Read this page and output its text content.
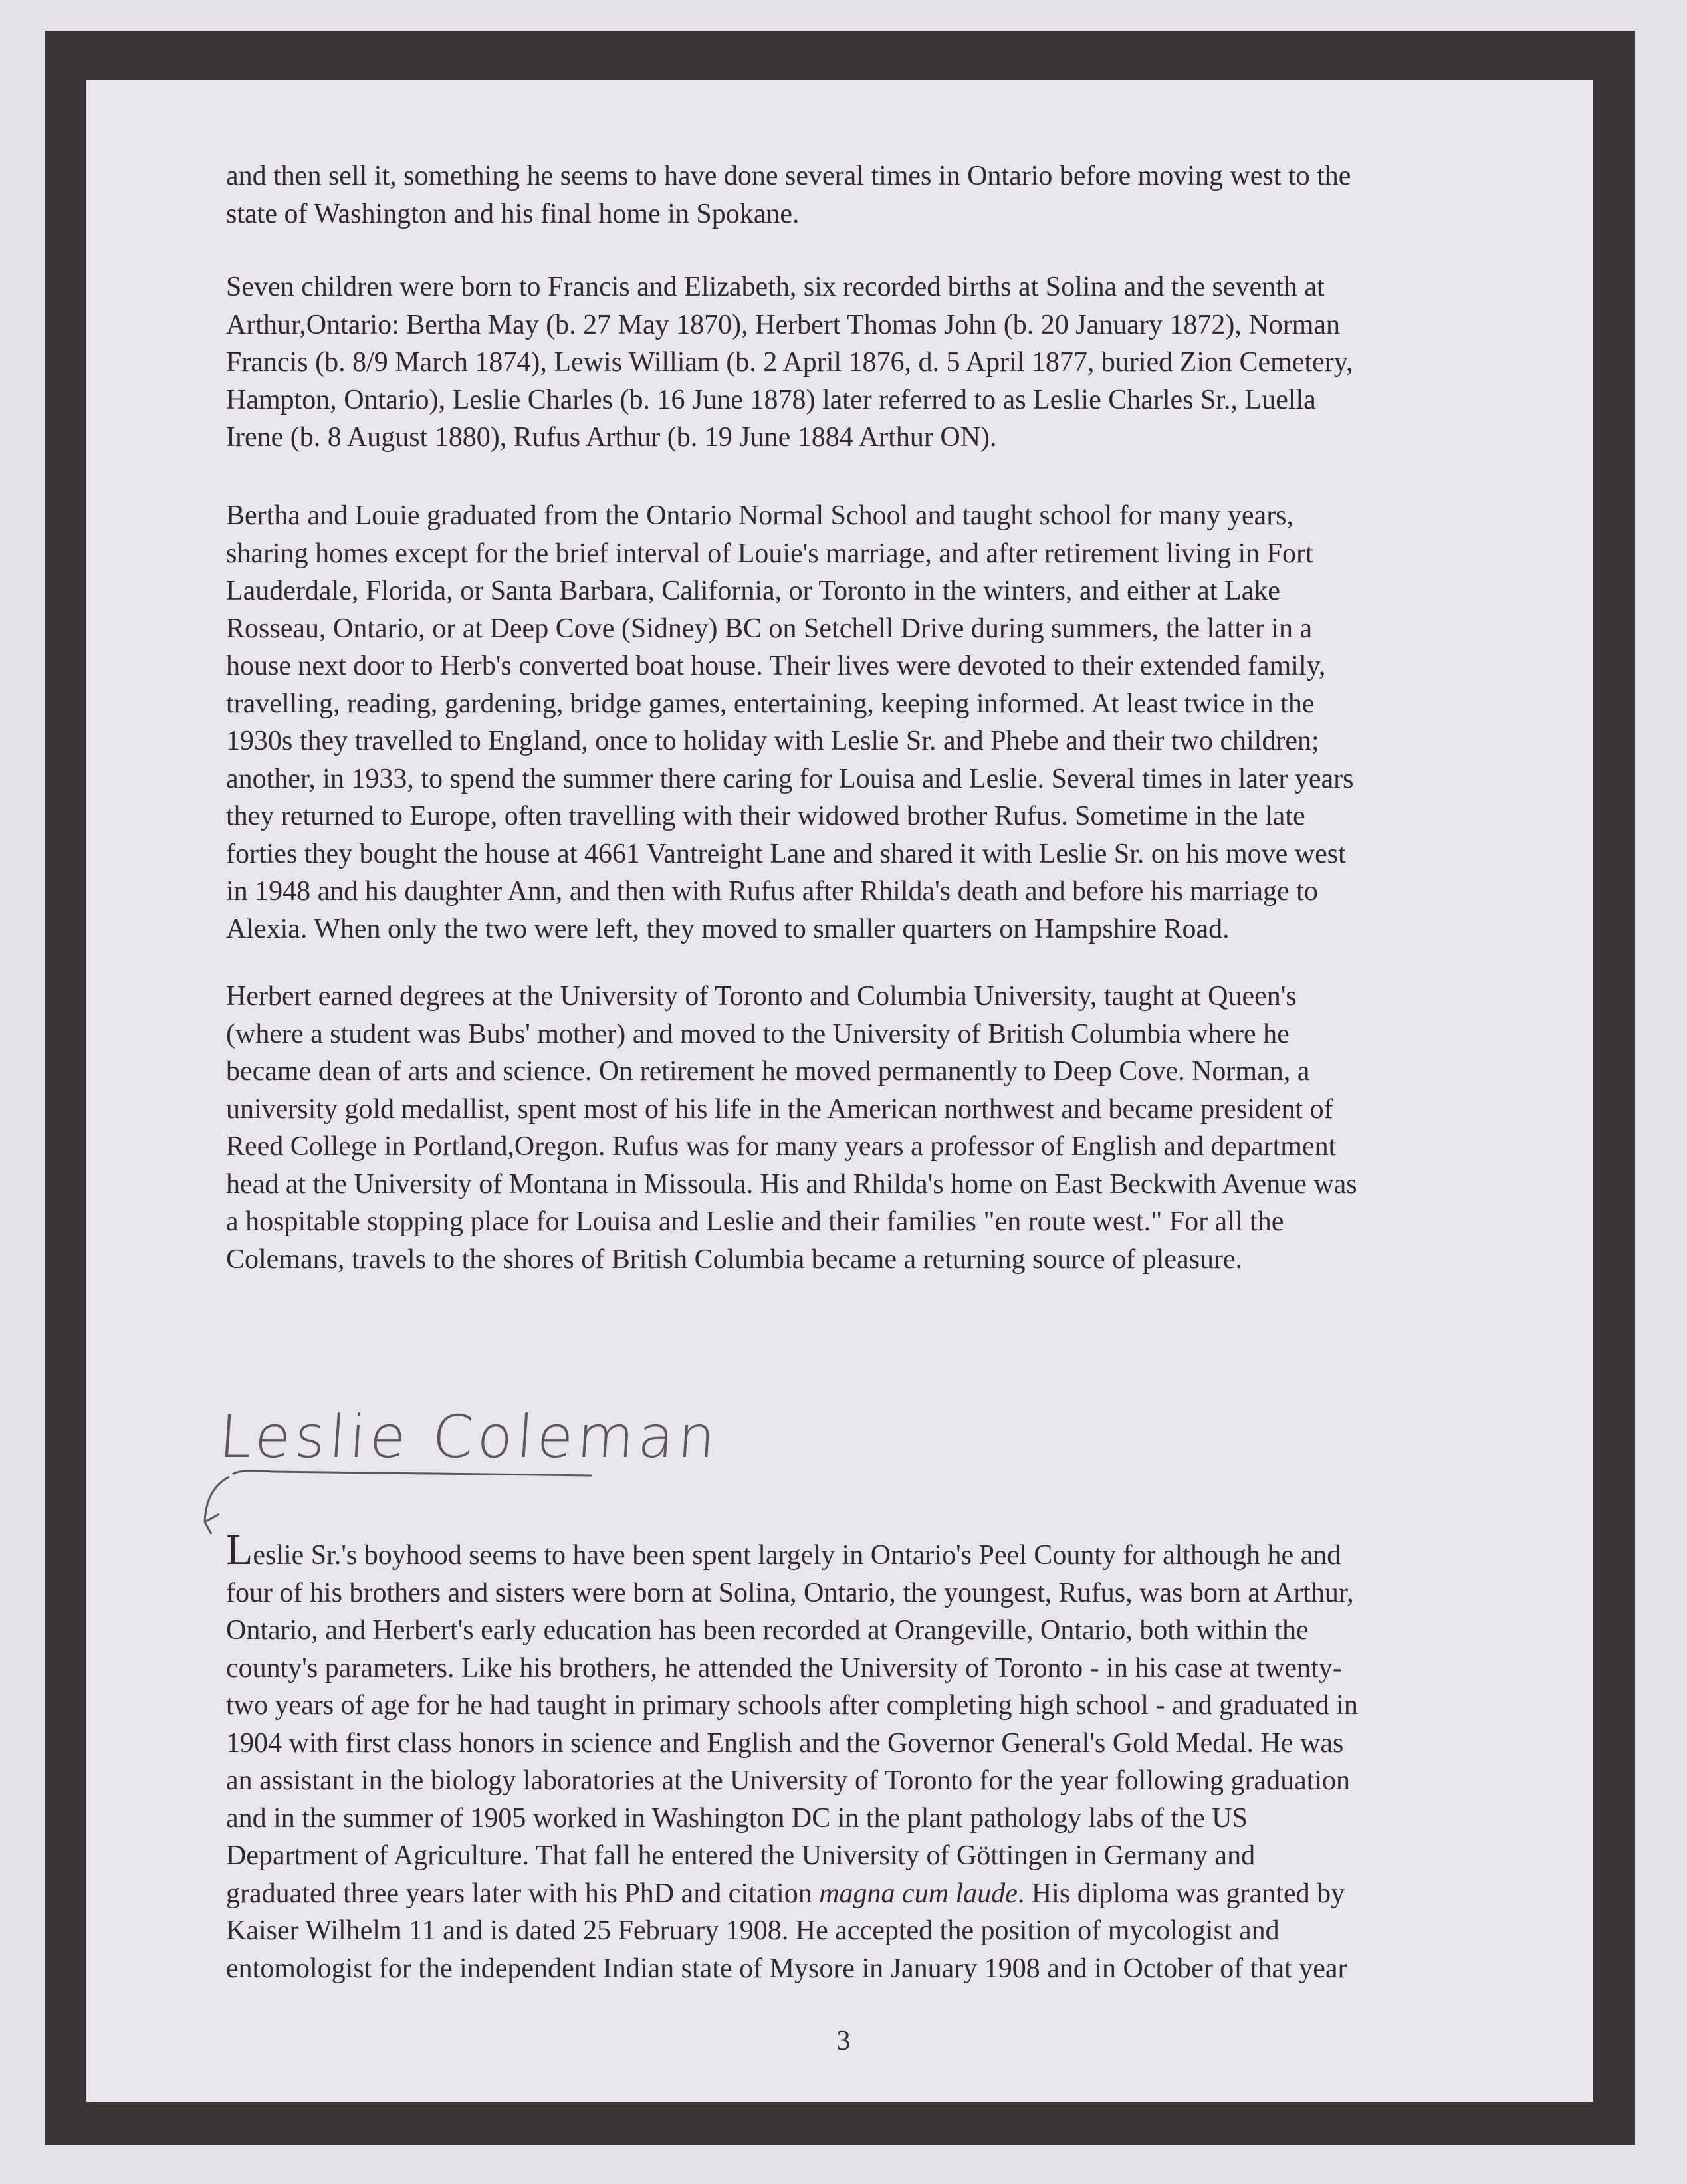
and then sell it, something he seems to have done several times in Ontario before moving west to the
state of Washington and his final home in Spokane.
Seven children were born to Francis and Elizabeth, six recorded births at Solina and the seventh at
Arthur,Ontario: Bertha May (b. 27 May 1870), Herbert Thomas John (b. 20 January 1872), Norman
Francis (b. 8/9 March 1874), Lewis William (b. 2 April 1876, d. 5 April 1877, buried Zion Cemetery,
Hampton, Ontario), Leslie Charles (b. 16 June 1878) later referred to as Leslie Charles Sr., Luella
Irene (b. 8 August 1880), Rufus Arthur (b. 19 June 1884 Arthur ON).
Bertha and Louie graduated from the Ontario Normal School and taught school for many years,
sharing homes except for the brief interval of Louie's marriage, and after retirement living in Fort
Lauderdale, Florida, or Santa Barbara, California, or Toronto in the winters, and either at Lake
Rosseau, Ontario, or at Deep Cove (Sidney) BC on Setchell Drive during summers, the latter in a
house next door to Herb's converted boat house. Their lives were devoted to their extended family,
travelling, reading, gardening, bridge games, entertaining, keeping informed. At least twice in the
1930s they travelled to England, once to holiday with Leslie Sr. and Phebe and their two children;
another, in 1933, to spend the summer there caring for Louisa and Leslie. Several times in later years
they returned to Europe, often travelling with their widowed brother Rufus. Sometime in the late
forties they bought the house at 4661 Vantreight Lane and shared it with Leslie Sr. on his move west
in 1948 and his daughter Ann, and then with Rufus after Rhilda's death and before his marriage to
Alexia. When only the two were left, they moved to smaller quarters on Hampshire Road.
Herbert earned degrees at the University of Toronto and Columbia University, taught at Queen's
(where a student was Bubs' mother) and moved to the University of British Columbia where he
became dean of arts and science. On retirement he moved permanently to Deep Cove. Norman, a
university gold medallist, spent most of his life in the American northwest and became president of
Reed College in Portland,Oregon. Rufus was for many years a professor of English and department
head at the University of Montana in Missoula. His and Rhilda's home on East Beckwith Avenue was
a hospitable stopping place for Louisa and Leslie and their families "en route west." For all the
Colemans, travels to the shores of British Columbia became a returning source of pleasure.
Leslie Coleman
Leslie Sr.'s boyhood seems to have been spent largely in Ontario's Peel County for although he and
four of his brothers and sisters were born at Solina, Ontario, the youngest, Rufus, was born at Arthur,
Ontario, and Herbert's early education has been recorded at Orangeville, Ontario, both within the
county's parameters. Like his brothers, he attended the University of Toronto - in his case at twenty-
two years of age for he had taught in primary schools after completing high school - and graduated in
1904 with first class honors in science and English and the Governor General's Gold Medal. He was
an assistant in the biology laboratories at the University of Toronto for the year following graduation
and in the summer of 1905 worked in Washington DC in the plant pathology labs of the US
Department of Agriculture. That fall he entered the University of Göttingen in Germany and
graduated three years later with his PhD and citation magna cum laude. His diploma was granted by
Kaiser Wilhelm 11 and is dated 25 February 1908. He accepted the position of mycologist and
entomologist for the independent Indian state of Mysore in January 1908 and in October of that year
3
